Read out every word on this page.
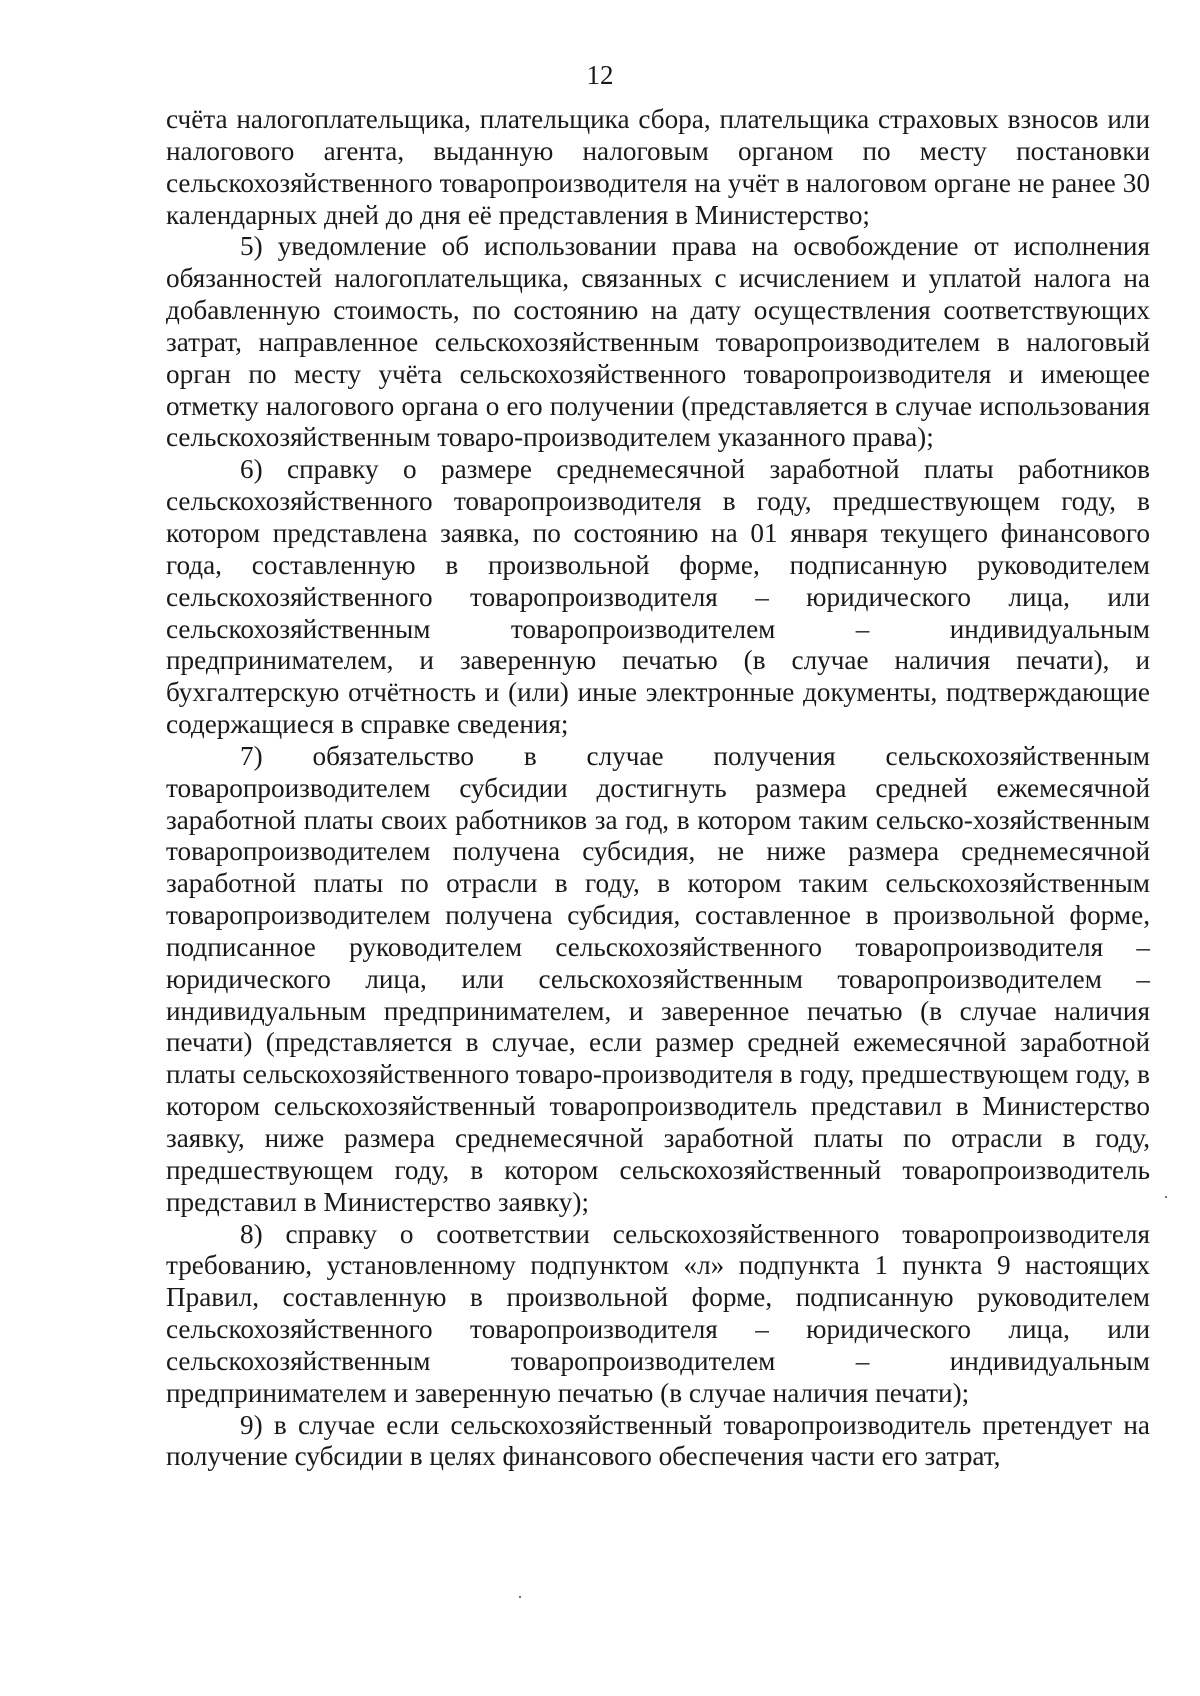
12

счёта налогоплательщика, плательщика сбора, плательщика страховых взносов или налогового агента, выданную налоговым органом по месту постановки сельскохозяйственного товаропроизводителя на учёт в налоговом органе не ранее 30 календарных дней до дня её представления в Министерство;

5) уведомление об использовании права на освобождение от исполнения обязанностей налогоплательщика, связанных с исчислением и уплатой налога на добавленную стоимость, по состоянию на дату осуществления соответствующих затрат, направленное сельскохозяйственным товаропроизводителем в налоговый орган по месту учёта сельскохозяйственного товаропроизводителя и имеющее отметку налогового органа о его получении (представляется в случае использования сельскохозяйственным товаро-производителем указанного права);

6) справку о размере среднемесячной заработной платы работников сельскохозяйственного товаропроизводителя в году, предшествующем году, в котором представлена заявка, по состоянию на 01 января текущего финансового года, составленную в произвольной форме, подписанную руководителем сельскохозяйственного товаропроизводителя – юридического лица, или сельскохозяйственным товаропроизводителем – индивидуальным предпринимателем, и заверенную печатью (в случае наличия печати), и бухгалтерскую отчётность и (или) иные электронные документы, подтверждающие содержащиеся в справке сведения;

7) обязательство в случае получения сельскохозяйственным товаропроизводителем субсидии достигнуть размера средней ежемесячной заработной платы своих работников за год, в котором таким сельско-хозяйственным товаропроизводителем получена субсидия, не ниже размера среднемесячной заработной платы по отрасли в году, в котором таким сельскохозяйственным товаропроизводителем получена субсидия, составленное в произвольной форме, подписанное руководителем сельскохозяйственного товаропроизводителя – юридического лица, или сельскохозяйственным товаропроизводителем – индивидуальным предпринимателем, и заверенное печатью (в случае наличия печати) (представляется в случае, если размер средней ежемесячной заработной платы сельскохозяйственного товаро-производителя в году, предшествующем году, в котором сельскохозяйственный товаропроизводитель представил в Министерство заявку, ниже размера среднемесячной заработной платы по отрасли в году, предшествующем году, в котором сельскохозяйственный товаропроизводитель представил в Министерство заявку);

8) справку о соответствии сельскохозяйственного товаропроизводителя требованию, установленному подпунктом «л» подпункта 1 пункта 9 настоящих Правил, составленную в произвольной форме, подписанную руководителем сельскохозяйственного товаропроизводителя – юридического лица, или сельскохозяйственным товаропроизводителем – индивидуальным предпринимателем и заверенную печатью (в случае наличия печати);

9) в случае если сельскохозяйственный товаропроизводитель претендует на получение субсидии в целях финансового обеспечения части его затрат,
